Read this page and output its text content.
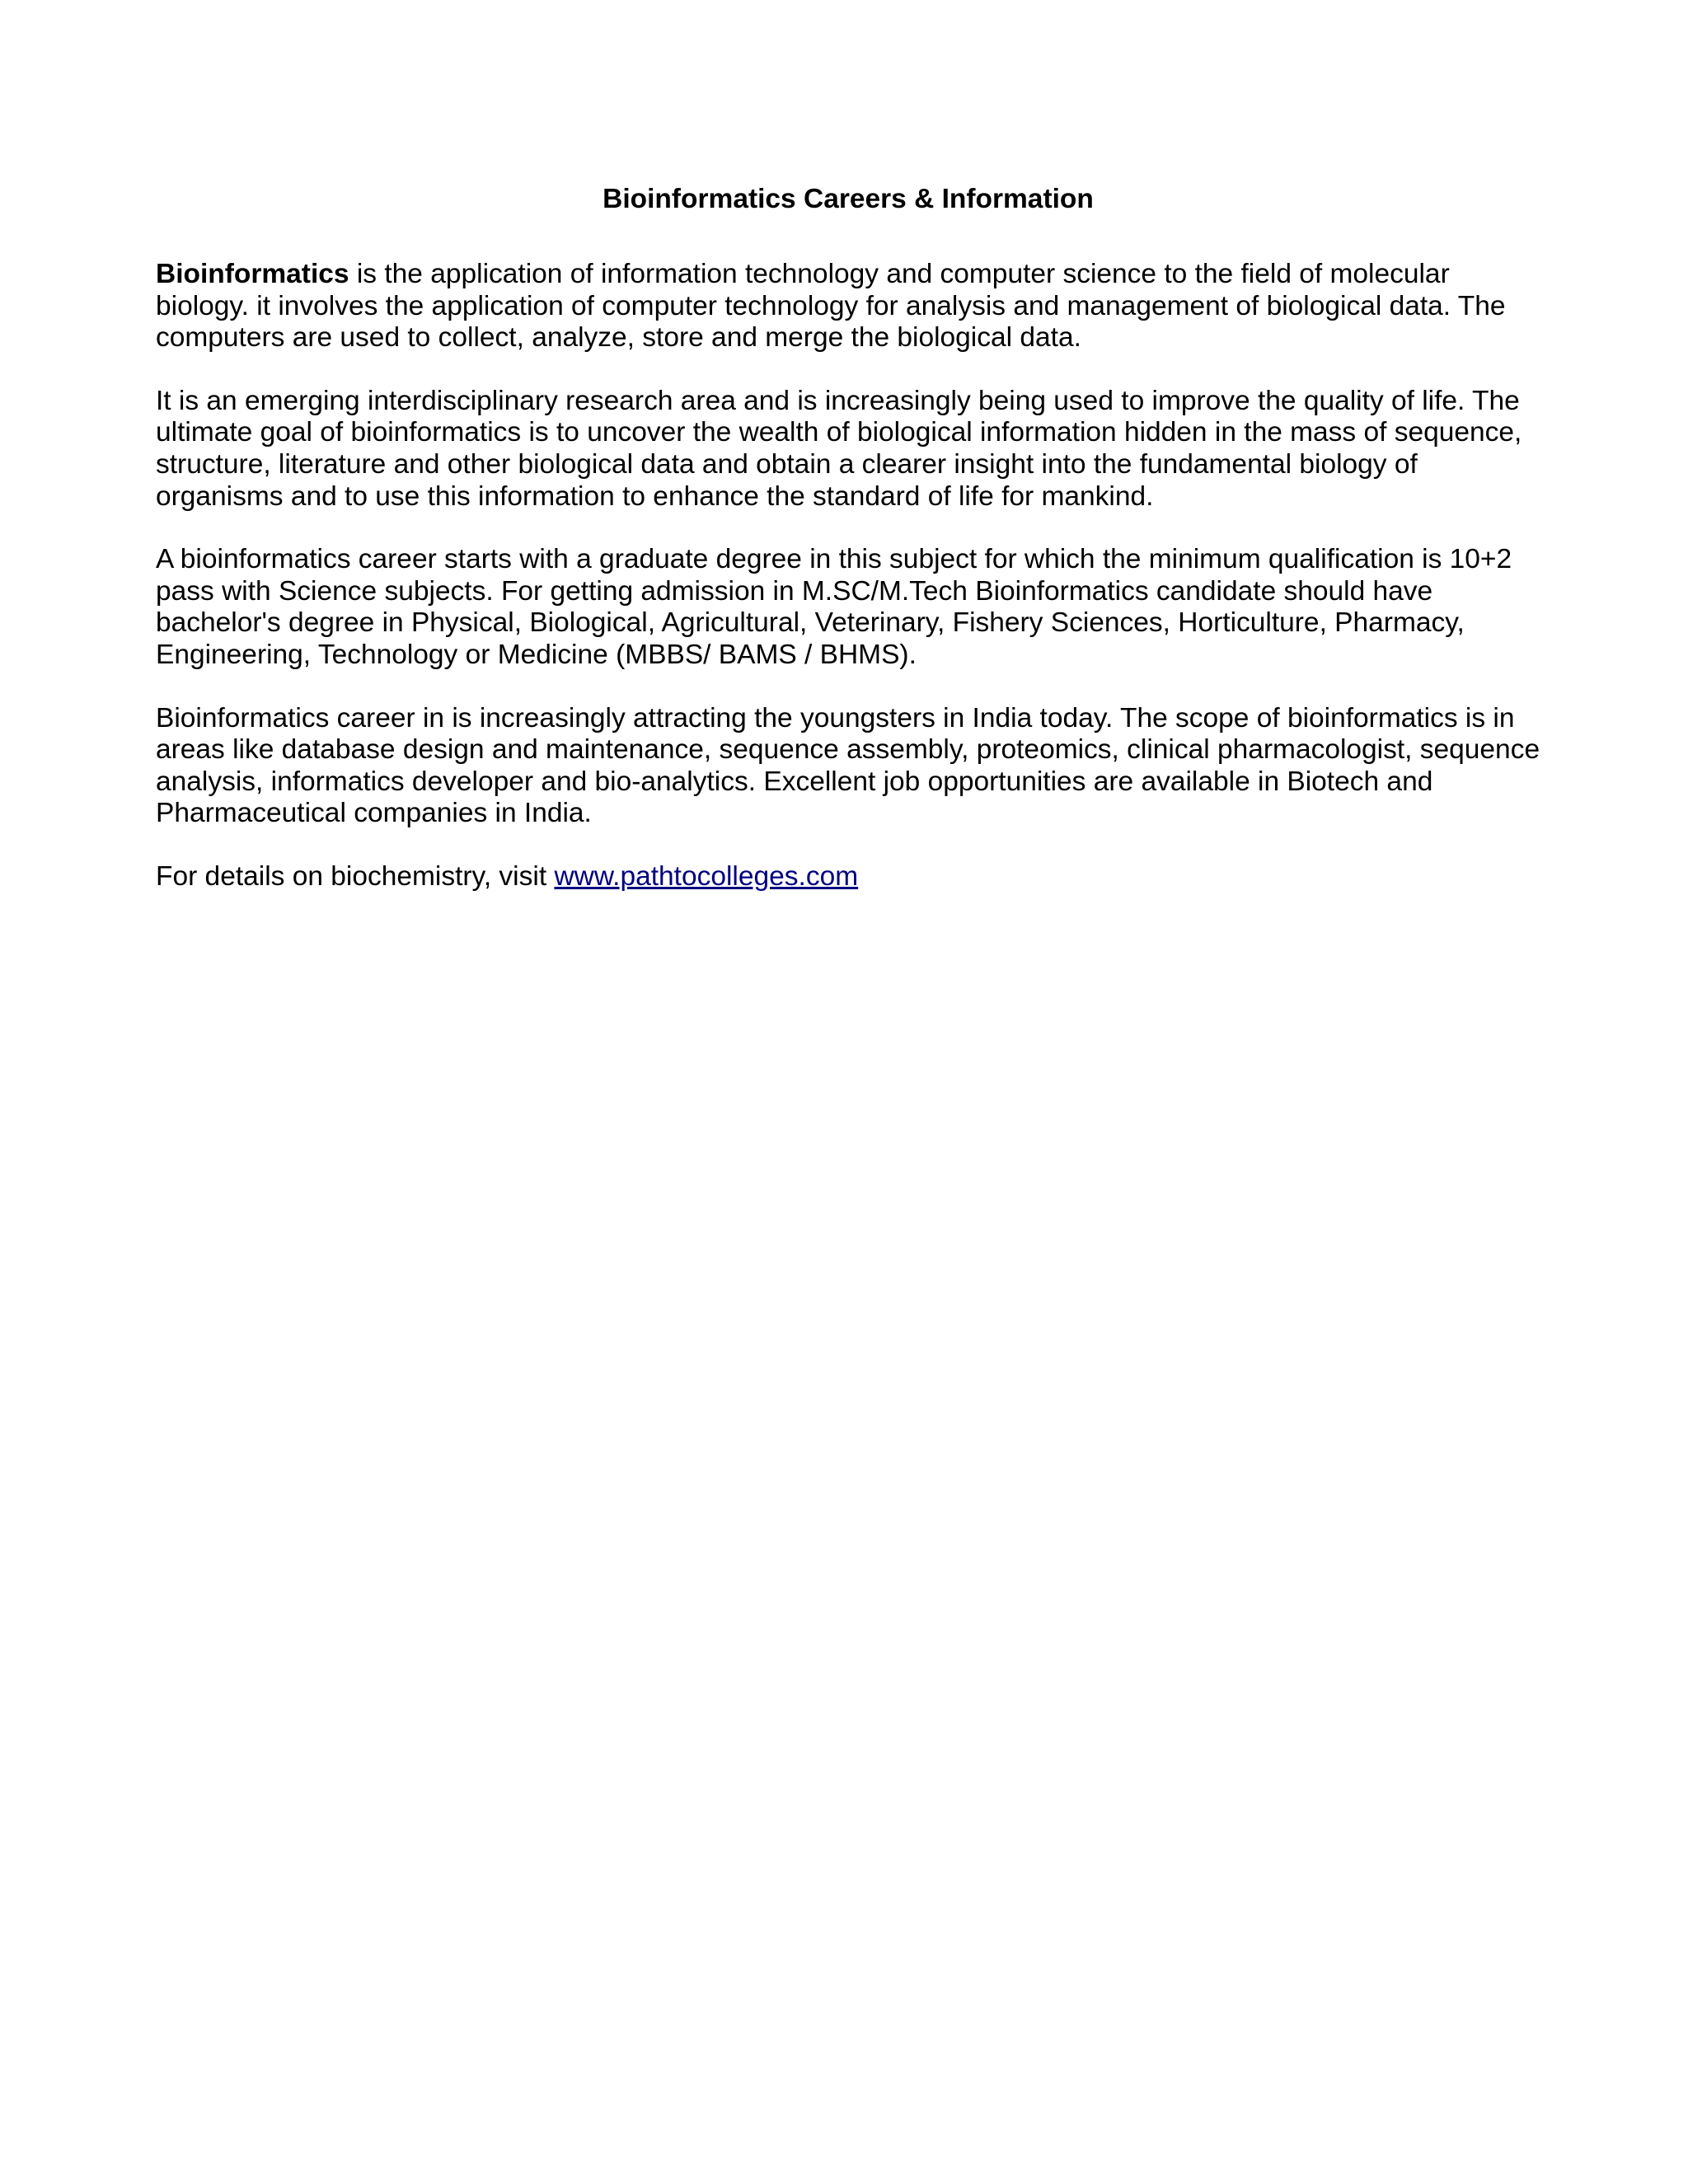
Bioinformatics Careers & Information

Bioinformatics is the application of information technology and computer science to the field of molecular biology. it involves the application of computer technology for analysis and management of biological data. The computers are used to collect, analyze, store and merge the biological data.

It is an emerging interdisciplinary research area and is increasingly being used to improve the quality of life. The ultimate goal of bioinformatics is to uncover the wealth of biological information hidden in the mass of sequence, structure, literature and other biological data and obtain a clearer insight into the fundamental biology of organisms and to use this information to enhance the standard of life for mankind.

A bioinformatics career starts with a graduate degree in this subject for which the minimum qualification is 10+2 pass with Science subjects. For getting admission in M.SC/M.Tech Bioinformatics candidate should have bachelor's degree in Physical, Biological, Agricultural, Veterinary, Fishery Sciences, Horticulture, Pharmacy, Engineering, Technology or Medicine (MBBS/ BAMS / BHMS).

Bioinformatics career in is increasingly attracting the youngsters in India today. The scope of bioinformatics is in areas like database design and maintenance, sequence assembly, proteomics, clinical pharmacologist, sequence analysis, informatics developer and bio-analytics. Excellent job opportunities are available in Biotech and Pharmaceutical companies in India.

For details on biochemistry, visit www.pathtocolleges.com
